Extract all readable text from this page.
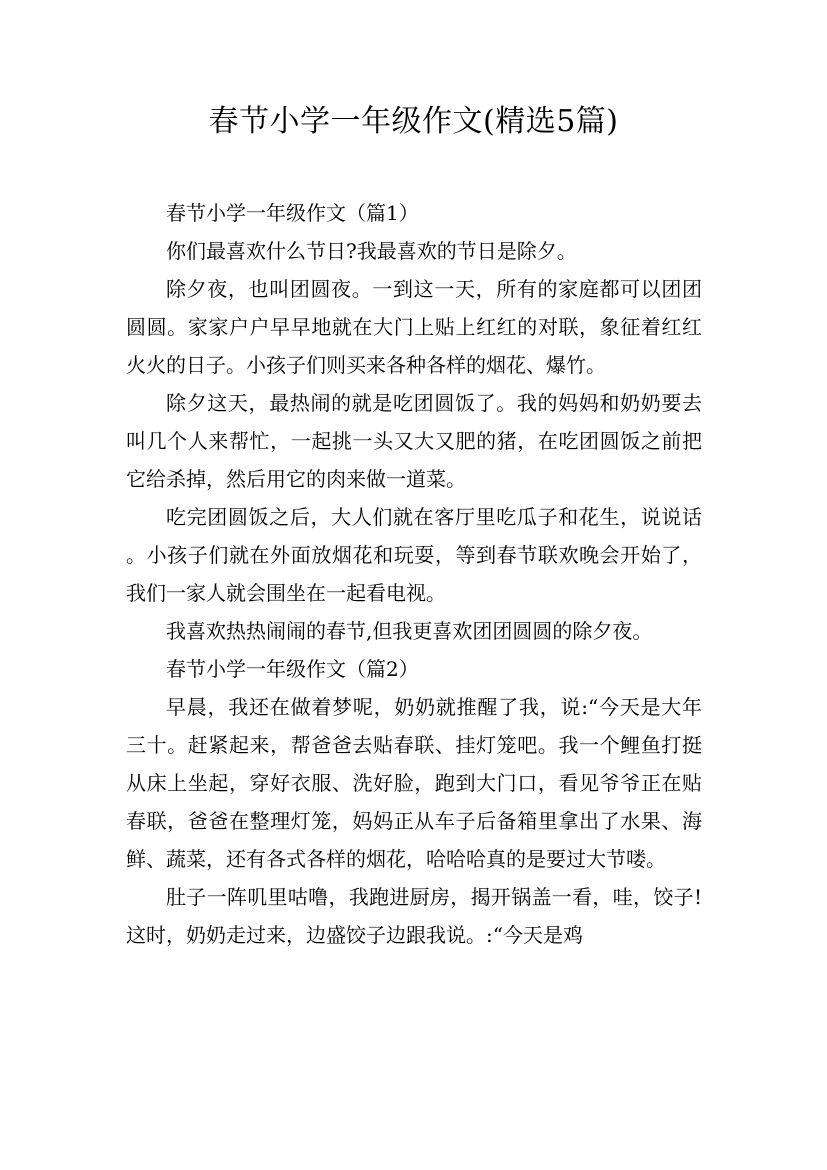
春节小学一年级作文(精选5篇)

春节小学一年级作文（篇1）

你们最喜欢什么节日?我最喜欢的节日是除夕。

除夕夜，也叫团圆夜。一到这一天，所有的家庭都可以团团圆圆。家家户户早早地就在大门上贴上红红的对联，象征着红红火火的日子。小孩子们则买来各种各样的烟花、爆竹。

除夕这天，最热闹的就是吃团圆饭了。我的妈妈和奶奶要去叫几个人来帮忙，一起挑一头又大又肥的猪，在吃团圆饭之前把它给杀掉，然后用它的肉来做一道菜。

吃完团圆饭之后，大人们就在客厅里吃瓜子和花生，说说话。小孩子们就在外面放烟花和玩耍，等到春节联欢晚会开始了，我们一家人就会围坐在一起看电视。

我喜欢热热闹闹的春节,但我更喜欢团团圆圆的除夕夜。

春节小学一年级作文（篇2）

早晨，我还在做着梦呢，奶奶就推醒了我，说:“今天是大年三十。赶紧起来，帮爸爸去贴春联、挂灯笼吧。我一个鲤鱼打挺从床上坐起，穿好衣服、洗好脸，跑到大门口，看见爷爷正在贴春联，爸爸在整理灯笼，妈妈正从车子后备箱里拿出了水果、海鲜、蔬菜，还有各式各样的烟花，哈哈哈真的是要过大节喽。

肚子一阵叽里咕噜，我跑进厨房，揭开锅盖一看，哇，饺子!这时，奶奶走过来，边盛饺子边跟我说。:“今天是鸡
